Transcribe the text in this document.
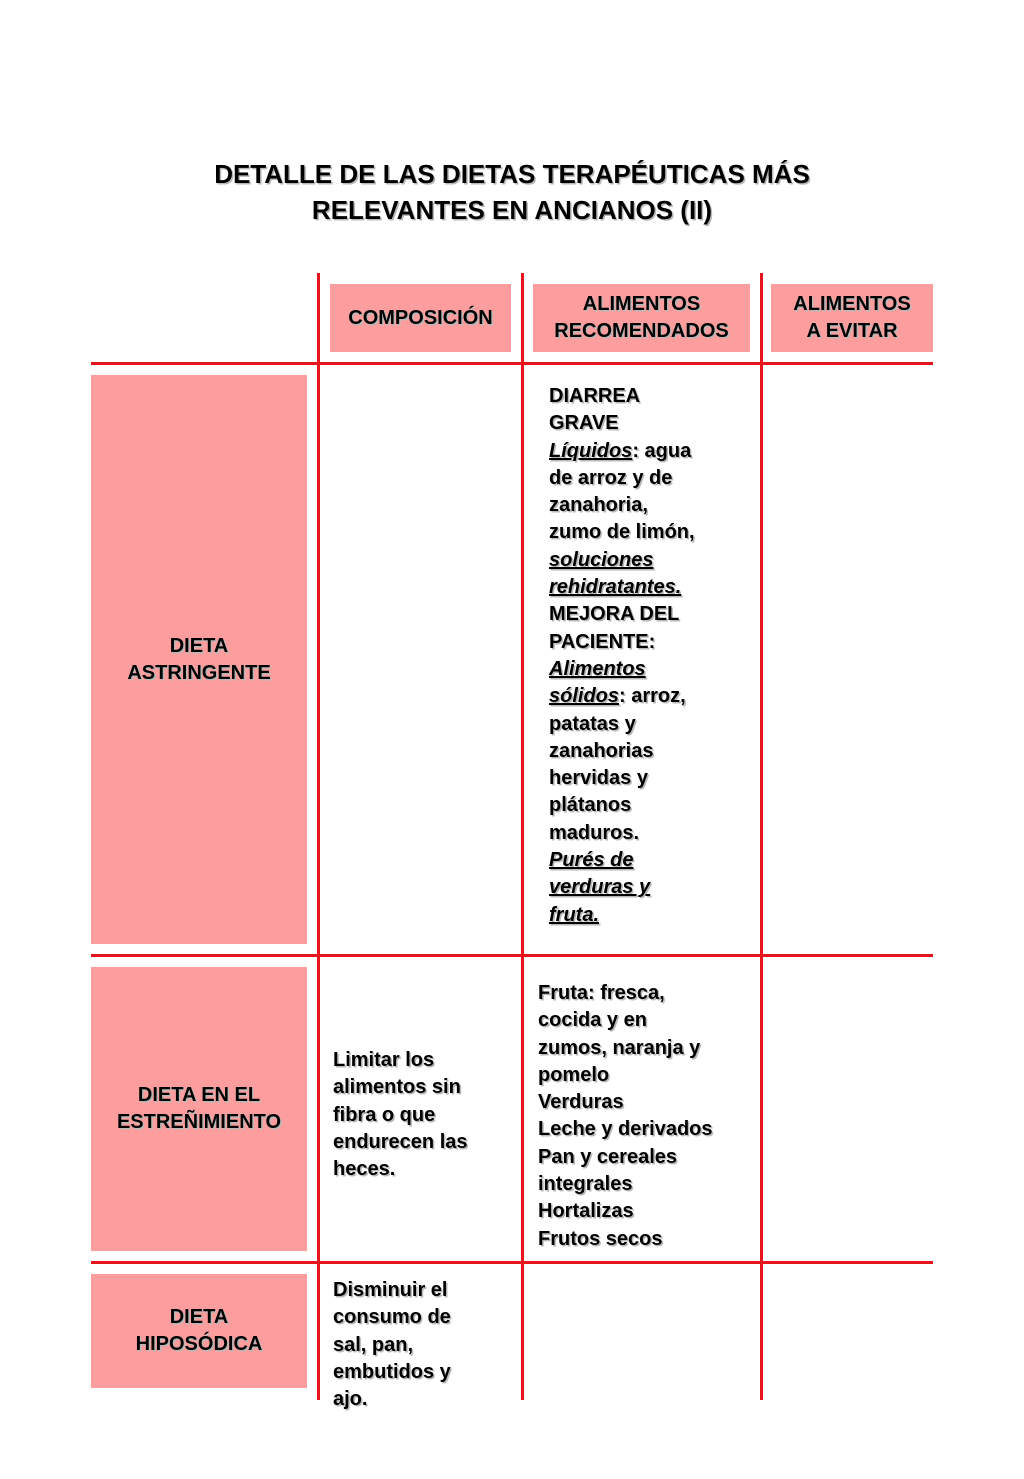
DETALLE DE LAS DIETAS TERAPÉUTICAS MÁS
RELEVANTES EN ANCIANOS (II)
COMPOSICIÓN
ALIMENTOS
RECOMENDADOS
ALIMENTOS
A EVITAR
DIETA
ASTRINGENTE
DIARREA
GRAVE
Líquidos: agua
de arroz y de
zanahoria,
zumo de limón,
soluciones
rehidratantes.
MEJORA DEL
PACIENTE:
Alimentos
sólidos: arroz,
patatas y
zanahorias
hervidas y
plátanos
maduros.
Purés de
verduras y
fruta.
DIETA EN EL
ESTREÑIMIENTO
Limitar los
alimentos sin
fibra o que
endurecen las
heces.
Fruta: fresca,
cocida y en
zumos, naranja y
pomelo
Verduras
Leche y derivados
Pan y cereales
integrales
Hortalizas
Frutos secos
DIETA
HIPOSÓDICA
Disminuir el
consumo de
sal, pan,
embutidos y
ajo.
